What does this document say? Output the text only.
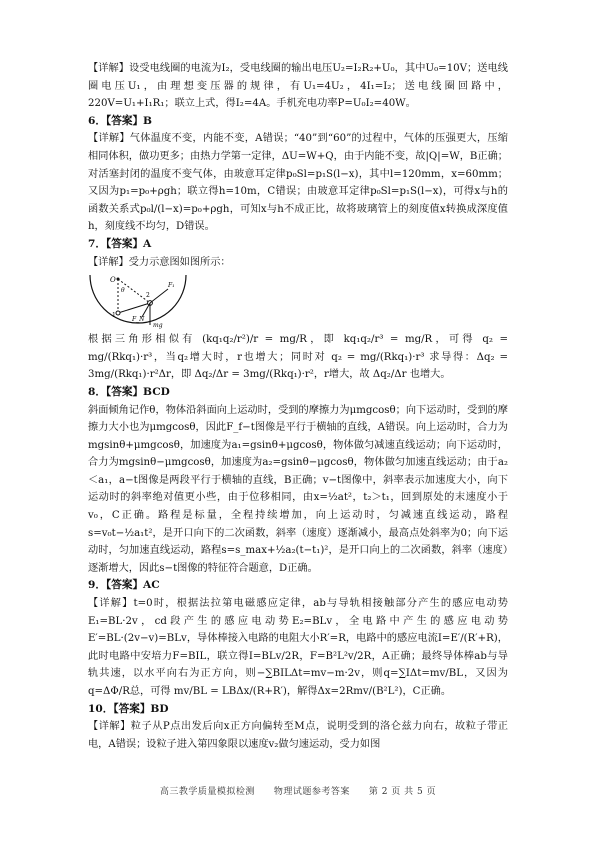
【详解】设受电线圈的电流为I₂，受电线圈的输出电压U₂=I₂R₂+U₀，其中U₀=10V；送电线圈电压U₁，由理想变压器的规律，有U₁=4U₂，4I₁=I₂；送电线圈回路中，220V=U₁+I₁R₁；联立上式，得I₂=4A。手机充电功率P=U₀I₂=40W。

6．【答案】B

【详解】气体温度不变，内能不变，A错误；“40”到“60”的过程中，气体的压强更大，压缩相同体积，做功更多；由热力学第一定律，ΔU=W+Q，由于内能不变，故|Q|=W，B正确；对活塞封闭的温度不变气体，由玻意耳定律p₀Sl=p₁S(l−x)，其中l=120mm，x=60mm；又因为p₁=p₀+ρgh；联立得h=10m，C错误；由玻意耳定律p₀Sl=p₁S(l−x)，可得x与h的函数关系式p₀l/(l−x)=p₀+ρgh，可知x与h不成正比，故将玻璃管上的刻度值x转换成深度值h，刻度线不均匀，D错误。

7．【答案】A

【详解】受力示意图如图所示：

O
θ
1
2
F₁
F_N
mg

根据三角形相似有 (kq₁q₂/r²)/r = mg/R，即 kq₁q₂/r³ = mg/R，可得 q₂ = mg/(Rkq₁)·r³，当q₂增大时，r也增大；同时对 q₂ = mg/(Rkq₁)·r³ 求导得：Δq₂ = 3mg/(Rkq₁)·r²Δr，即 Δq₂/Δr = 3mg/(Rkq₁)·r²，r增大，故 Δq₂/Δr 也增大。

8．【答案】BCD

斜面倾角记作θ，物体沿斜面向上运动时，受到的摩擦力为μmgcosθ；向下运动时，受到的摩擦力大小也为μmgcosθ，因此F_f−t图像是平行于横轴的直线，A错误。向上运动时，合力为mgsinθ+μmgcosθ，加速度为a₁=gsinθ+μgcosθ，物体做匀减速直线运动；向下运动时，合力为mgsinθ−μmgcosθ，加速度为a₂=gsinθ−μgcosθ，物体做匀加速直线运动；由于a₂＜a₁，a−t图像是两段平行于横轴的直线，B正确；v−t图像中，斜率表示加速度大小，向下运动时的斜率绝对值更小些，由于位移相同，由x=½at²，t₂＞t₁，回到原处的末速度小于v₀，C正确。路程是标量，全程持续增加，向上运动时，匀减速直线运动，路程s=v₀t−½a₁t²，是开口向下的二次函数，斜率（速度）逐渐减小，最高点处斜率为0；向下运动时，匀加速直线运动，路程s=s_max+½a₂(t−t₁)²，是开口向上的二次函数，斜率（速度）逐渐增大，因此s−t图像的特征符合题意，D正确。

9．【答案】AC

【详解】t=0时，根据法拉第电磁感应定律，ab与导轨相接触部分产生的感应电动势E₁=BL·2v，cd段产生的感应电动势E₂=BLv，全电路中产生的感应电动势E′=BL·(2v−v)=BLv，导体棒接入电路的电阻大小R′=R，电路中的感应电流I=E′/(R′+R)，此时电路中安培力F=BIL，联立得I=BLv/2R，F=B²L²v/2R，A正确；最终导体棒ab与导轨共速，以水平向右为正方向，则−∑BILΔt=mv−m·2v，则q=∑IΔt=mv/BL，又因为q=ΔΦ/R总，可得 mv/BL = LBΔx/(R+R′)，解得Δx=2Rmv/(B²L²)，C正确。

10．【答案】BD

【详解】粒子从P点出发后向x正方向偏转至M点，说明受到的洛仑兹力向右，故粒子带正电，A错误；设粒子进入第四象限以速度v₂做匀速运动，受力如图

高三教学质量模拟检测　　物理试题参考答案　　第 2 页 共 5 页
